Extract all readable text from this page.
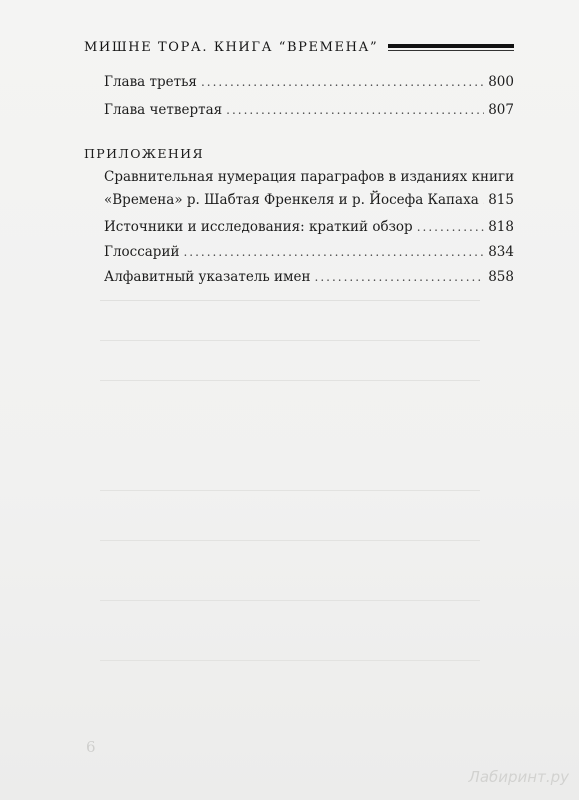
МИШНЕ ТОРА. КНИГА “ВРЕМЕНА”
Глава третья .....	800
Глава четвертая .....	807
ПРИЛОЖЕНИЯ
Сравнительная нумерация параграфов в изданиях книги
«Времена» р. Шабтая Френкеля и р. Йосефа Капаха ..... 815
Источники и исследования: краткий обзор .....	818
Глоссарий .....	834
Алфавитный указатель имен .....	858
6
Лабиринт.ру
